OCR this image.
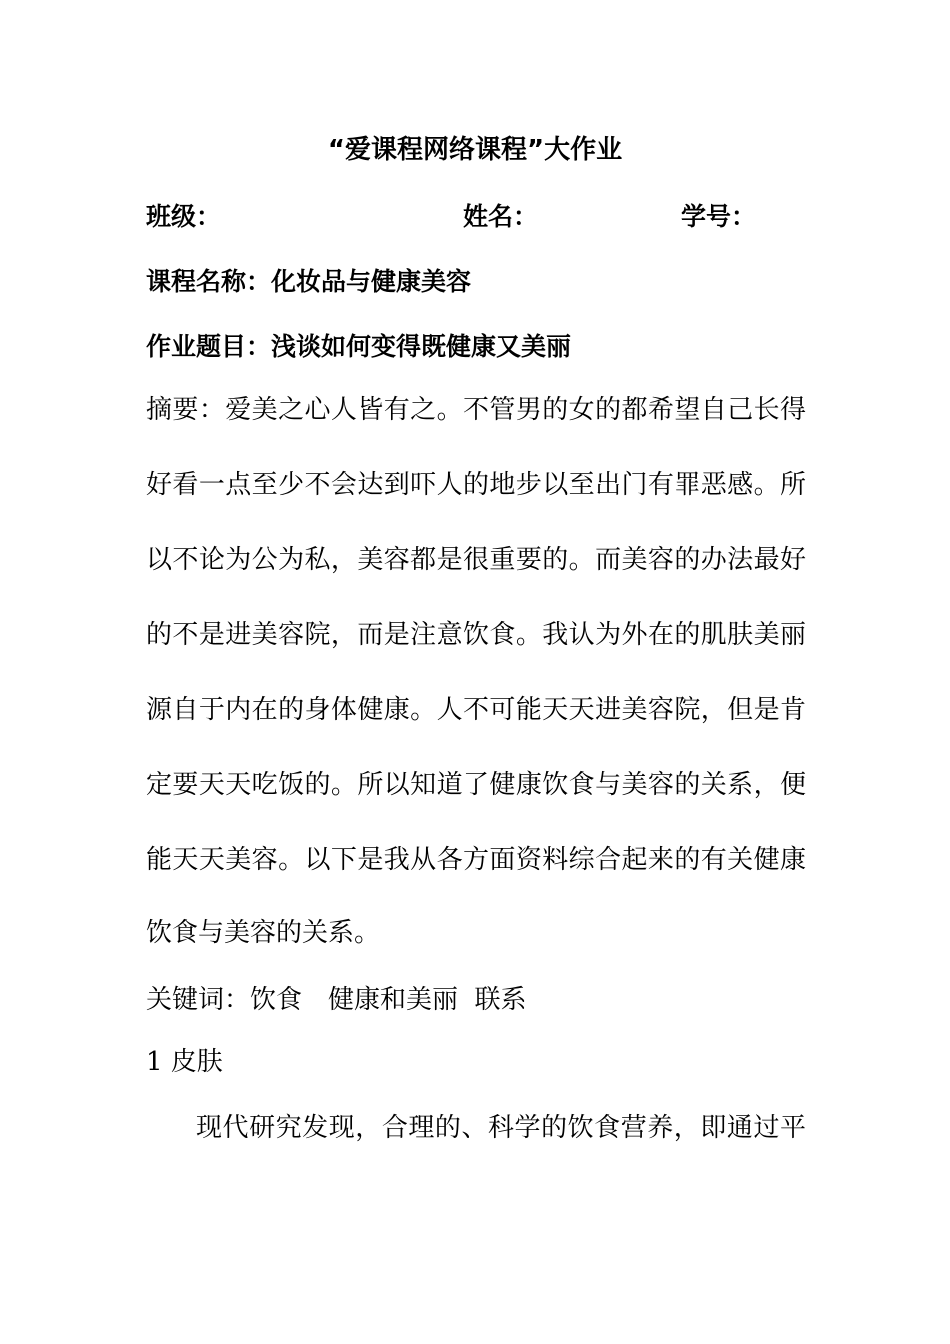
“爱课程网络课程”大作业
班级：	姓名：	学号：
课程名称：化妆品与健康美容
作业题目：浅谈如何变得既健康又美丽
摘要：爱美之心人皆有之。不管男的女的都希望自己长得
好看一点至少不会达到吓人的地步以至出门有罪恶感。所
以不论为公为私，美容都是很重要的。而美容的办法最好
的不是进美容院，而是注意饮食。我认为外在的肌肤美丽
源自于内在的身体健康。人不可能天天进美容院，但是肯
定要天天吃饭的。所以知道了健康饮食与美容的关系，便
能天天美容。以下是我从各方面资料综合起来的有关健康
饮食与美容的关系。
关键词：饮食　健康和美丽  联系
1 皮肤
现代研究发现，合理的、科学的饮食营养，即通过平
